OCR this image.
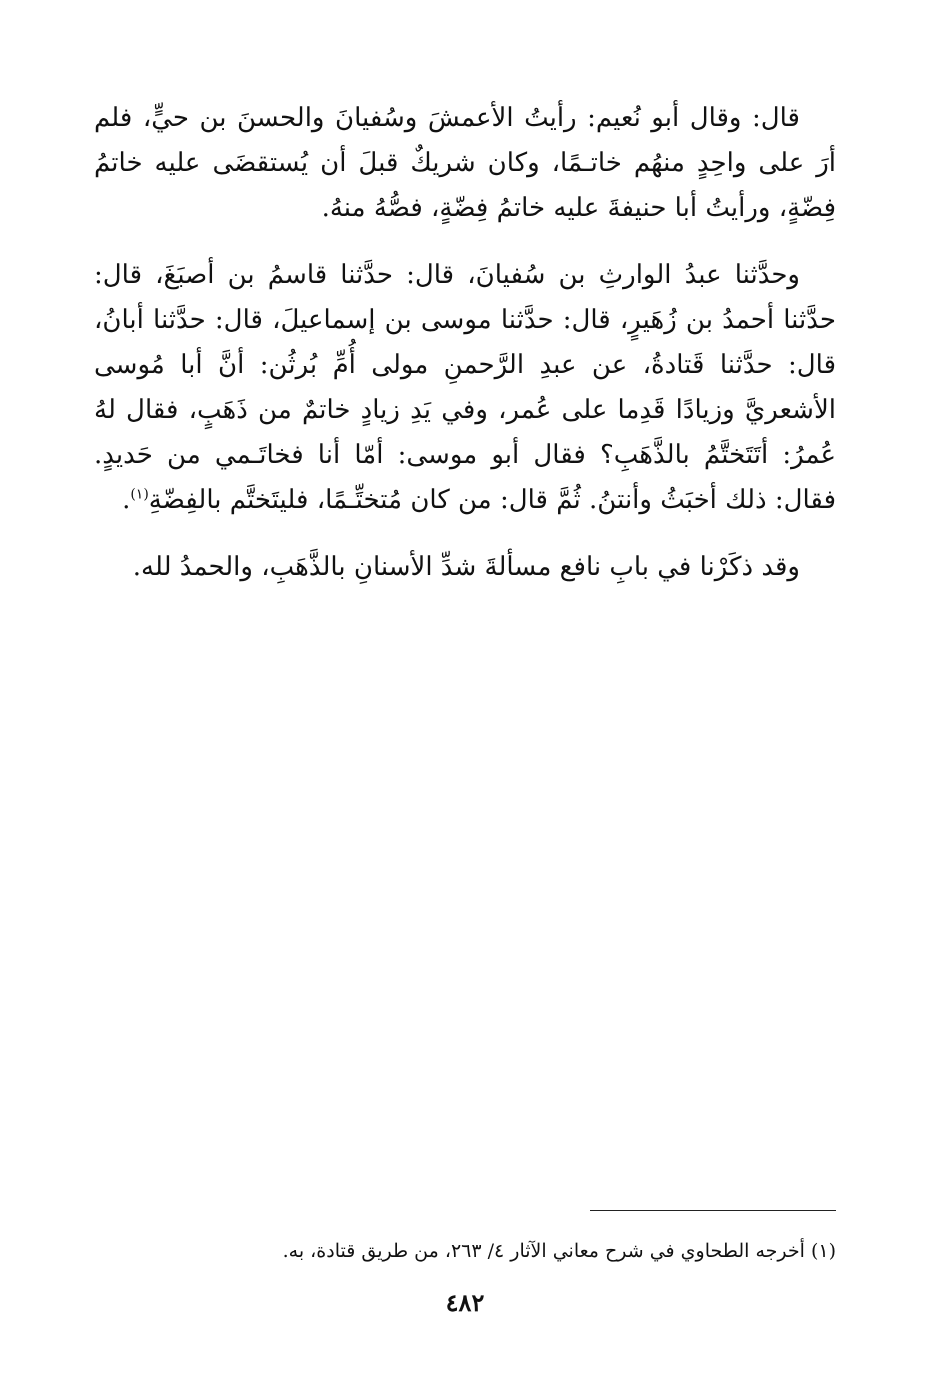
قال: وقال أبو نُعيم: رأيتُ الأعمشَ وسُفيانَ والحسنَ بن حيٍّ، فلم أرَ على واحِدٍ منهُم خاتـمًا، وكان شريكٌ قبلَ أن يُستقضَى عليه خاتمُ فِضّةٍ، ورأيتُ أبا حنيفةَ عليه خاتمُ فِضّةٍ، فصُّهُ منهُ.

وحدَّثنا عبدُ الوارثِ بن سُفيانَ، قال: حدَّثنا قاسمُ بن أصبَغَ، قال: حدَّثنا أحمدُ بن زُهَيرٍ، قال: حدَّثنا موسى بن إسماعيلَ، قال: حدَّثنا أبانُ، قال: حدَّثنا قَتادةُ، عن عبدِ الرَّحمنِ مولى أُمِّ بُرثُن: أنَّ أبا مُوسى الأشعريَّ وزيادًا قَدِما على عُمر، وفي يَدِ زيادٍ خاتمٌ من ذَهَبٍ، فقال لهُ عُمرُ: أتَتَختَّمُ بالذَّهَبِ؟ فقال أبو موسى: أمّا أنا فخاتَـمي من حَديدٍ. فقال: ذلك أخبَثُ وأنتنُ. ثُمَّ قال: من كان مُتختِّـمًا، فليتَختَّم بالفِضّةِ$^{(١)}$.

وقد ذكَرْنا في بابِ نافع مسألةَ شدِّ الأسنانِ بالذَّهَبِ، والحمدُ لله.

(١) أخرجه الطحاوي في شرح معاني الآثار ٤/ ٢٦٣، من طريق قتادة، به.
٤٨٢
